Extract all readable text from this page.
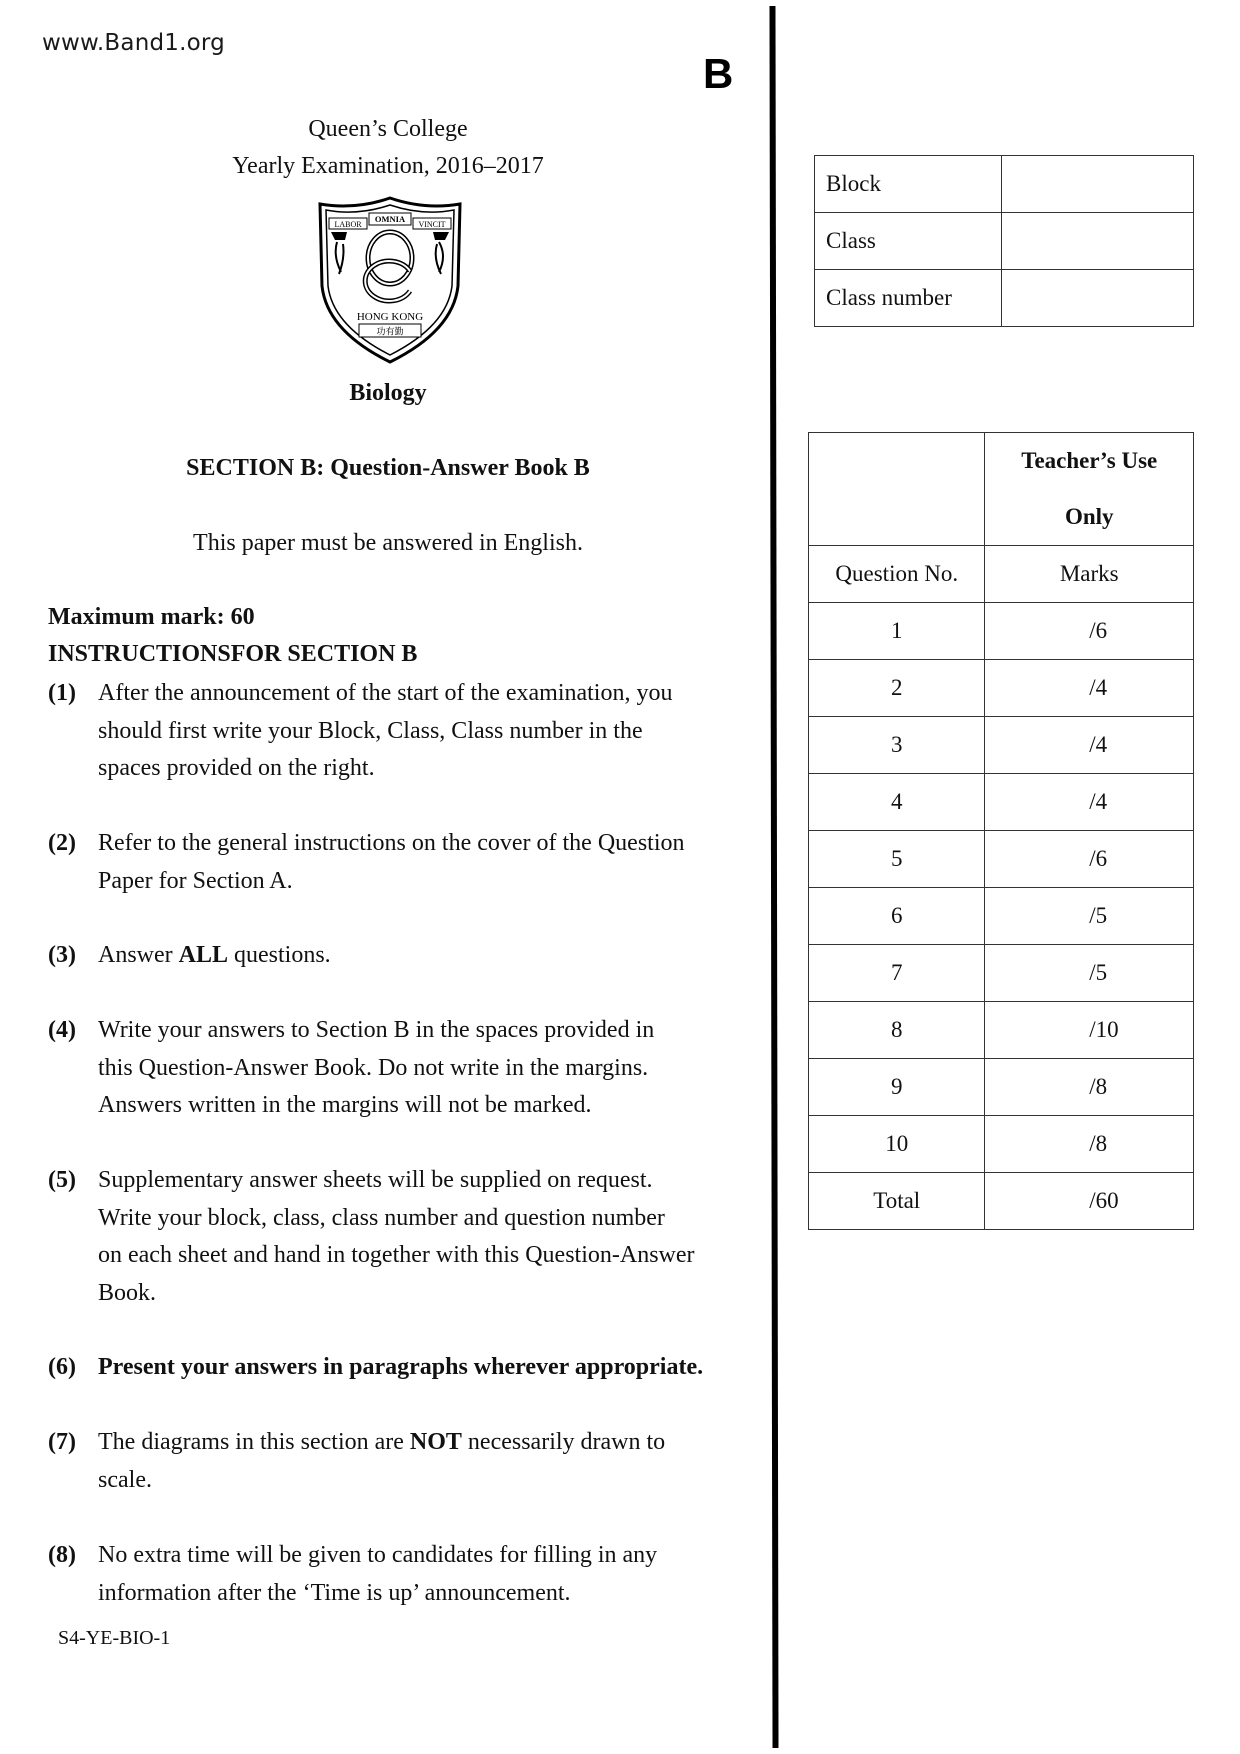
www.Band1.org
B
Queen’s College
Yearly Examination, 2016–2017
LABOR
OMNIA
VINCIT
HONG KONG
功有勤
Biology
SECTION B: Question-Answer Book B
This paper must be answered in English.
Maximum mark: 60
INSTRUCTIONSFOR SECTION B
(1) After the announcement of the start of the examination, you
should first write your Block, Class, Class number in the
spaces provided on the right.
(2) Refer to the general instructions on the cover of the Question
Paper for Section A.
(3) Answer ALL questions.
(4) Write your answers to Section B in the spaces provided in
this Question-Answer Book. Do not write in the margins.
Answers written in the margins will not be marked.
(5) Supplementary answer sheets will be supplied on request.
Write your block, class, class number and question number
on each sheet and hand in together with this Question-Answer
Book.
(6) Present your answers in paragraphs wherever appropriate.
(7) The diagrams in this section are NOT necessarily drawn to
scale.
(8) No extra time will be given to candidates for filling in any
information after the ‘Time is up’ announcement.
S4-YE-BIO-1
Block	
Class	
Class number	

	Teacher’s Use
Only

Question No.	Marks
1	/6
2	/4
3	/4
4	/4
5	/6
6	/5
7	/5
8	/10
9	/8
10	/8
Total	/60
